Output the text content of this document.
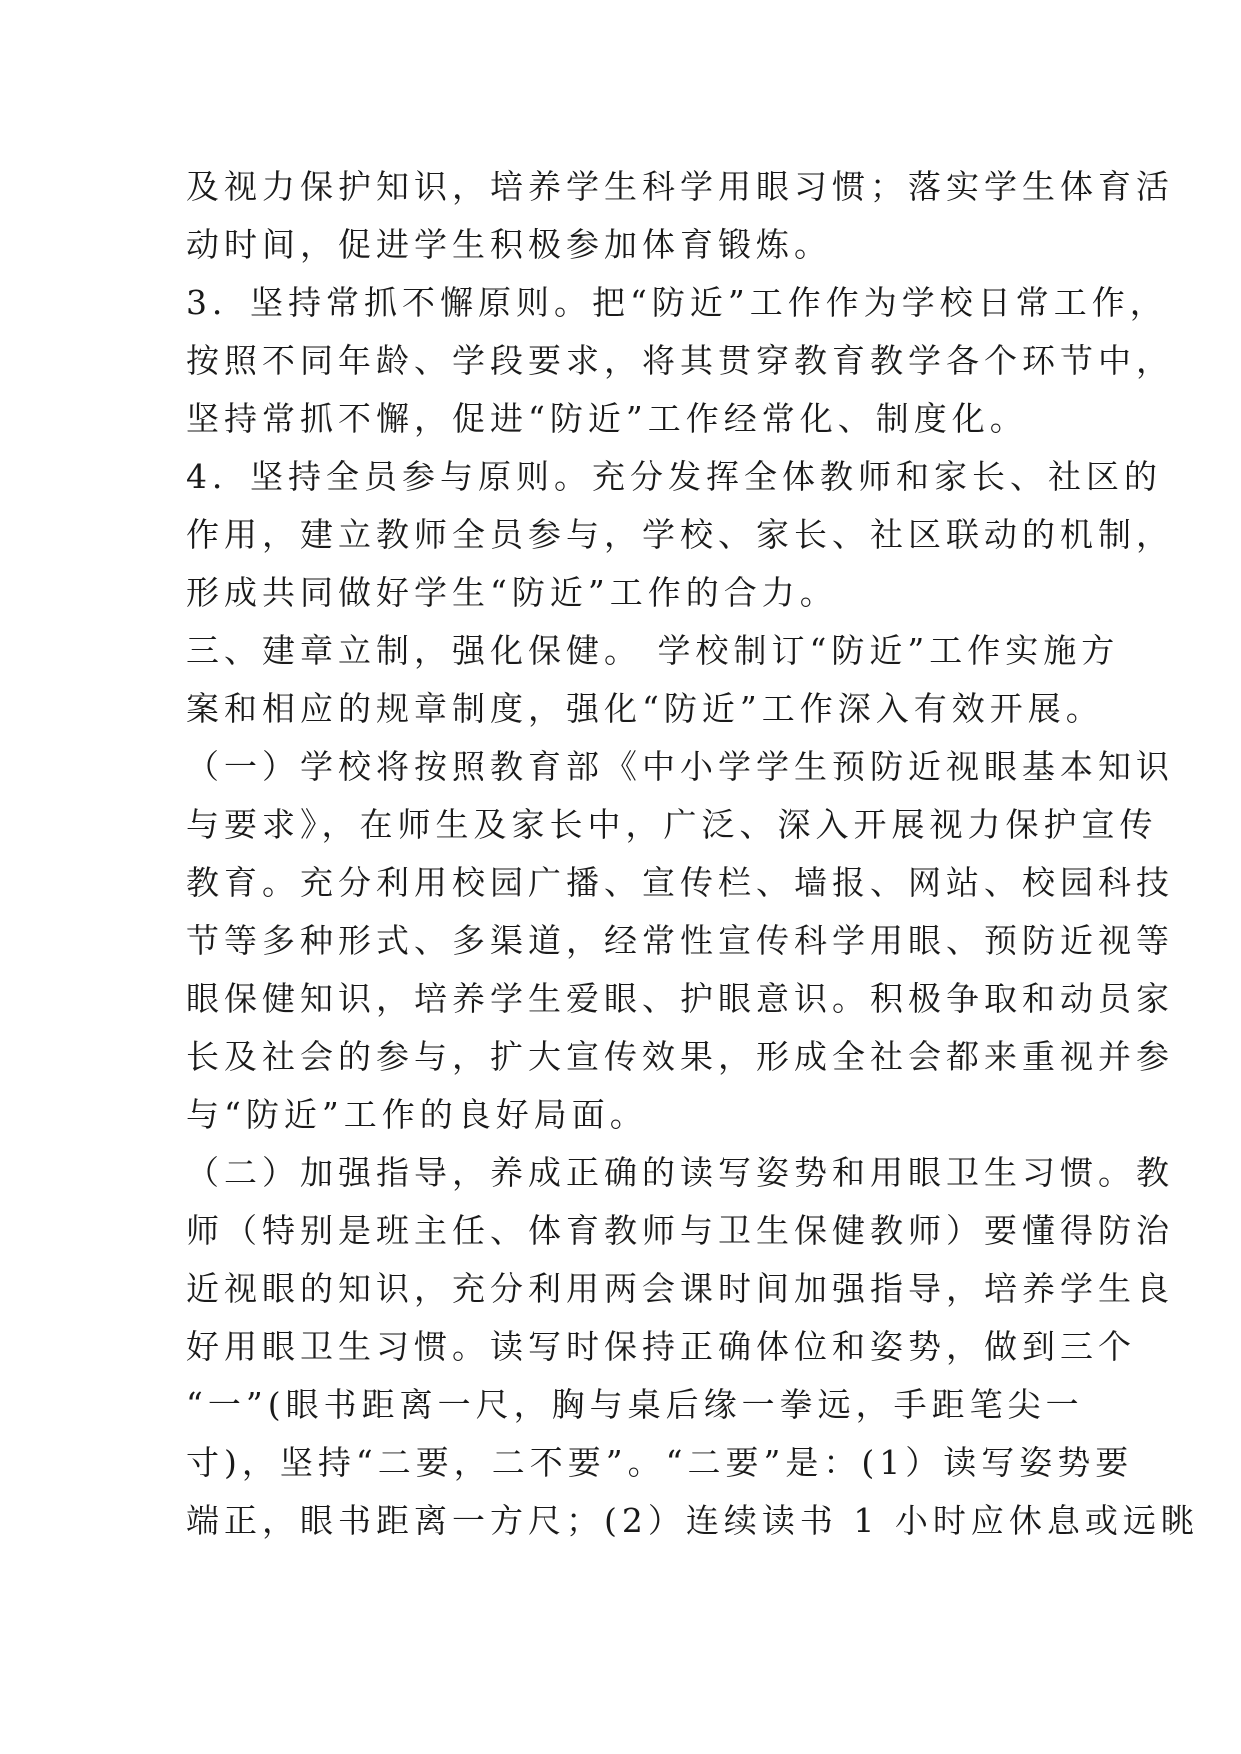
及视力保护知识，培养学生科学用眼习惯；落实学生体育活
动时间，促进学生积极参加体育锻炼。
3．坚持常抓不懈原则。把“防近”工作作为学校日常工作，
按照不同年龄、学段要求，将其贯穿教育教学各个环节中，
坚持常抓不懈，促进“防近”工作经常化、制度化。
4．坚持全员参与原则。充分发挥全体教师和家长、社区的
作用，建立教师全员参与，学校、家长、社区联动的机制，
形成共同做好学生“防近”工作的合力。
三、建章立制，强化保健。 学校制订“防近”工作实施方
案和相应的规章制度，强化“防近”工作深入有效开展。
（一）学校将按照教育部《中小学学生预防近视眼基本知识
与要求》，在师生及家长中，广泛、深入开展视力保护宣传
教育。充分利用校园广播、宣传栏、墙报、网站、校园科技
节等多种形式、多渠道，经常性宣传科学用眼、预防近视等
眼保健知识，培养学生爱眼、护眼意识。积极争取和动员家
长及社会的参与，扩大宣传效果，形成全社会都来重视并参
与“防近”工作的良好局面。
（二）加强指导，养成正确的读写姿势和用眼卫生习惯。教
师（特别是班主任、体育教师与卫生保健教师）要懂得防治
近视眼的知识，充分利用两会课时间加强指导，培养学生良
好用眼卫生习惯。读写时保持正确体位和姿势，做到三个
“一”(眼书距离一尺，胸与桌后缘一拳远，手距笔尖一
寸)，坚持“二要，二不要”。“二要”是：(1）读写姿势要
端正，眼书距离一方尺；(2）连续读书 1 小时应休息或远眺
